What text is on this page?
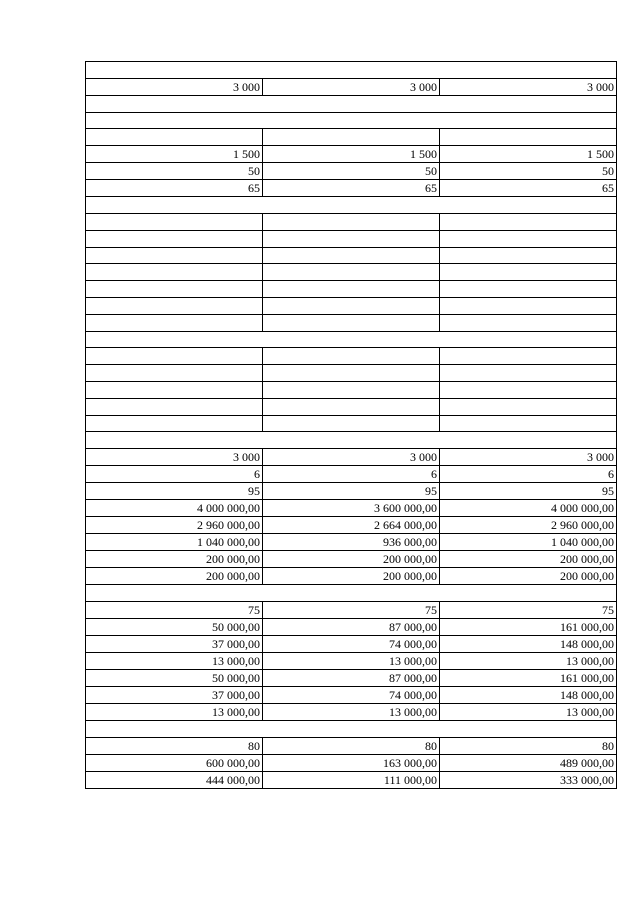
3 000	3 000	3 000

1 500	1 500	1 500
50	50	50
65	65	65

3 000	3 000	3 000
6	6	6
95	95	95
4 000 000,00	3 600 000,00	4 000 000,00
2 960 000,00	2 664 000,00	2 960 000,00
1 040 000,00	936 000,00	1 040 000,00
200 000,00	200 000,00	200 000,00
200 000,00	200 000,00	200 000,00

75	75	75
50 000,00	87 000,00	161 000,00
37 000,00	74 000,00	148 000,00
13 000,00	13 000,00	13 000,00
50 000,00	87 000,00	161 000,00
37 000,00	74 000,00	148 000,00
13 000,00	13 000,00	13 000,00

80	80	80
600 000,00	163 000,00	489 000,00
444 000,00	111 000,00	333 000,00
